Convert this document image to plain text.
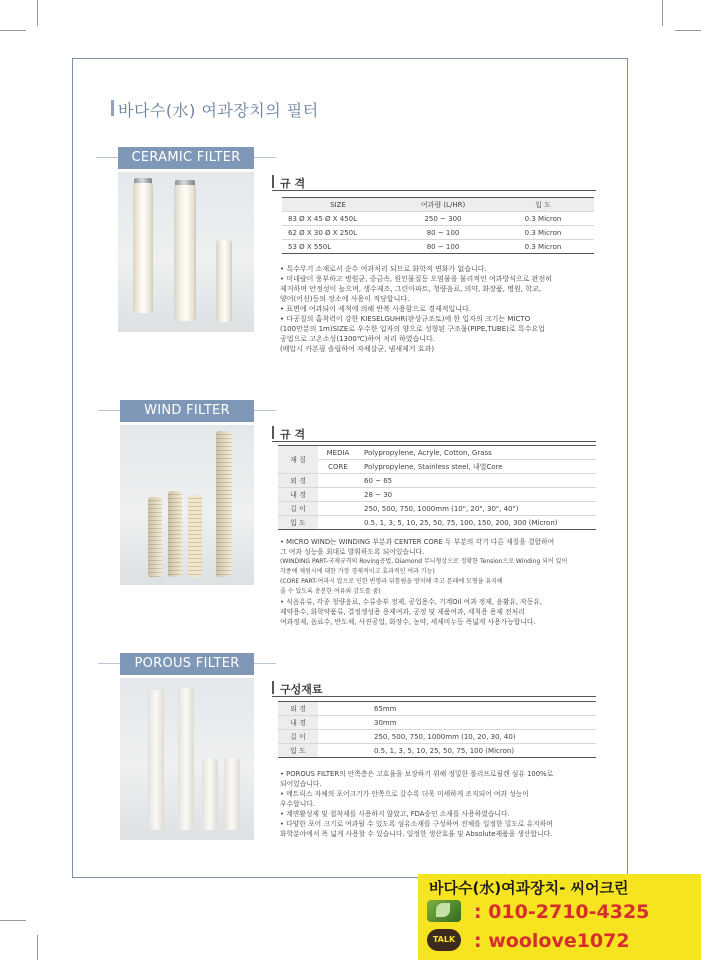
바다수(水) 여과장치의 필터
CERAMIC FILTER
규 격
SIZE	여과량 (L/HR)	입 도
83 Ø X 45 Ø X 450L	250 ~ 300	0.3 Micron
62 Ø X 30 Ø X 250L	80 ~ 100	0.3 Micron
53 Ø X 550L	80 ~ 100	0.3 Micron
• 특수무기 소재로서 순수 여과처리 되므로 화학적 변화가 없습니다.
• 미네랄이 풍부하고 병원균, 중금속, 원인물질등 오염물을 물리적인 여과방식으로 완전히
제거하며 안정성이 높으며, 생수제조, 그린아파트, 청량음료, 의약, 화장품, 병원, 학교,
양어(어선)등의 장소에 사용이 적당합니다.
• 표면에 여과되어 세척에 의해 반복 사용함으로 경제적입니다.
• 다공질의 흡착력이 강한 KIESELGUHR(판상규조토)에 한 입자의 크기는 MICTO
(100만분의 1m)SIZE로 우수한 입자의 양으로 성형된 구조물(PIPE,TUBE)로 특수요업
공법으로 고온소성(1300℃)하여 처리 하였습니다.
(배압시 카본필 솔립하여 자체살균, 냄새제거 효과)
WIND FILTER
규 격
재 질	MEDIA	Polypropylene, Acryle, Cotton, Grass
	CORE	Polypropylene, Stainless steel, 내열Core
외 경	60 ~ 65	
내 경	28 ~ 30	
길 이	250, 500, 750, 1000mm (10", 20", 30", 40")	
입 도	0.5, 1, 3, 5, 10, 25, 50, 75, 100, 150, 200, 300 (Micron)	
• MICRO WIND는 WINDING 부분과 CENTER CORE 두 부분의 각기 다른 재질을 결합하여
그 여과 성능을 최대로 발휘하도록 되어있습니다.
(WINDING PART-국제규격의 Roving공법, Diamond 무늬형상으로 정확한 Tension으로 Winding 되어 있어
각종에 제원시에 대한 가장 경제적이고 효과적인 여과 기능)
(CORE PART-여과시 압으로 인한 변형과 뒤틀림을 방지해 주고 본래에 모형을 유지해
줄 수 있도록 충분한 여유와 강도를 줌)
• 식음유류, 각종 청량음료, 수류송부 정제, 공업용수, 기계Oil 여과 정제, 윤활유, 작동유,
제약용수, 화학약품류, 결정생성용 용제여과, 공정 및 제품여과, 세척용 용제 전처리
여과정제, 음료수, 반도체, 사진공업, 화장수, 농약, 세제비누등 폭넓게 사용가능합니다.
POROUS FILTER
구성재료
외 경	65mm
내 경	30mm
길 이	250, 500, 750, 1000mm (10, 20, 30, 40)
입 도	0.5, 1, 3, 5, 10, 25, 50, 75, 100 (Micron)
• POROUS FILTER의 안쪽층은 고효율을 보장하기 위해 정밀한 폴리프로필렌 섬유 100%로
되어있습니다.
• 메트릭스 자체의 포어크기가 안쪽으로 갈수록 더욱 미세하게 조직되어 여과 성능이
우수합니다.
• 계면활성제 및 접착제를 사용하지 않았고, FDA승인 소재를 사용하였습니다.
• 다양한 포어 크기로 여과될 수 있도록 섬유소재를 구성하여 전체를 일정한 밀도로 유지하며
화학분야에서 폭 넓게 사용할 수 있습니다. 일정한 생산효율 및 Absolute제품을 생산합니다.
바다수(水)여과장치- 씨어크린
: 010-2710-4325
TALK : woolove1072
